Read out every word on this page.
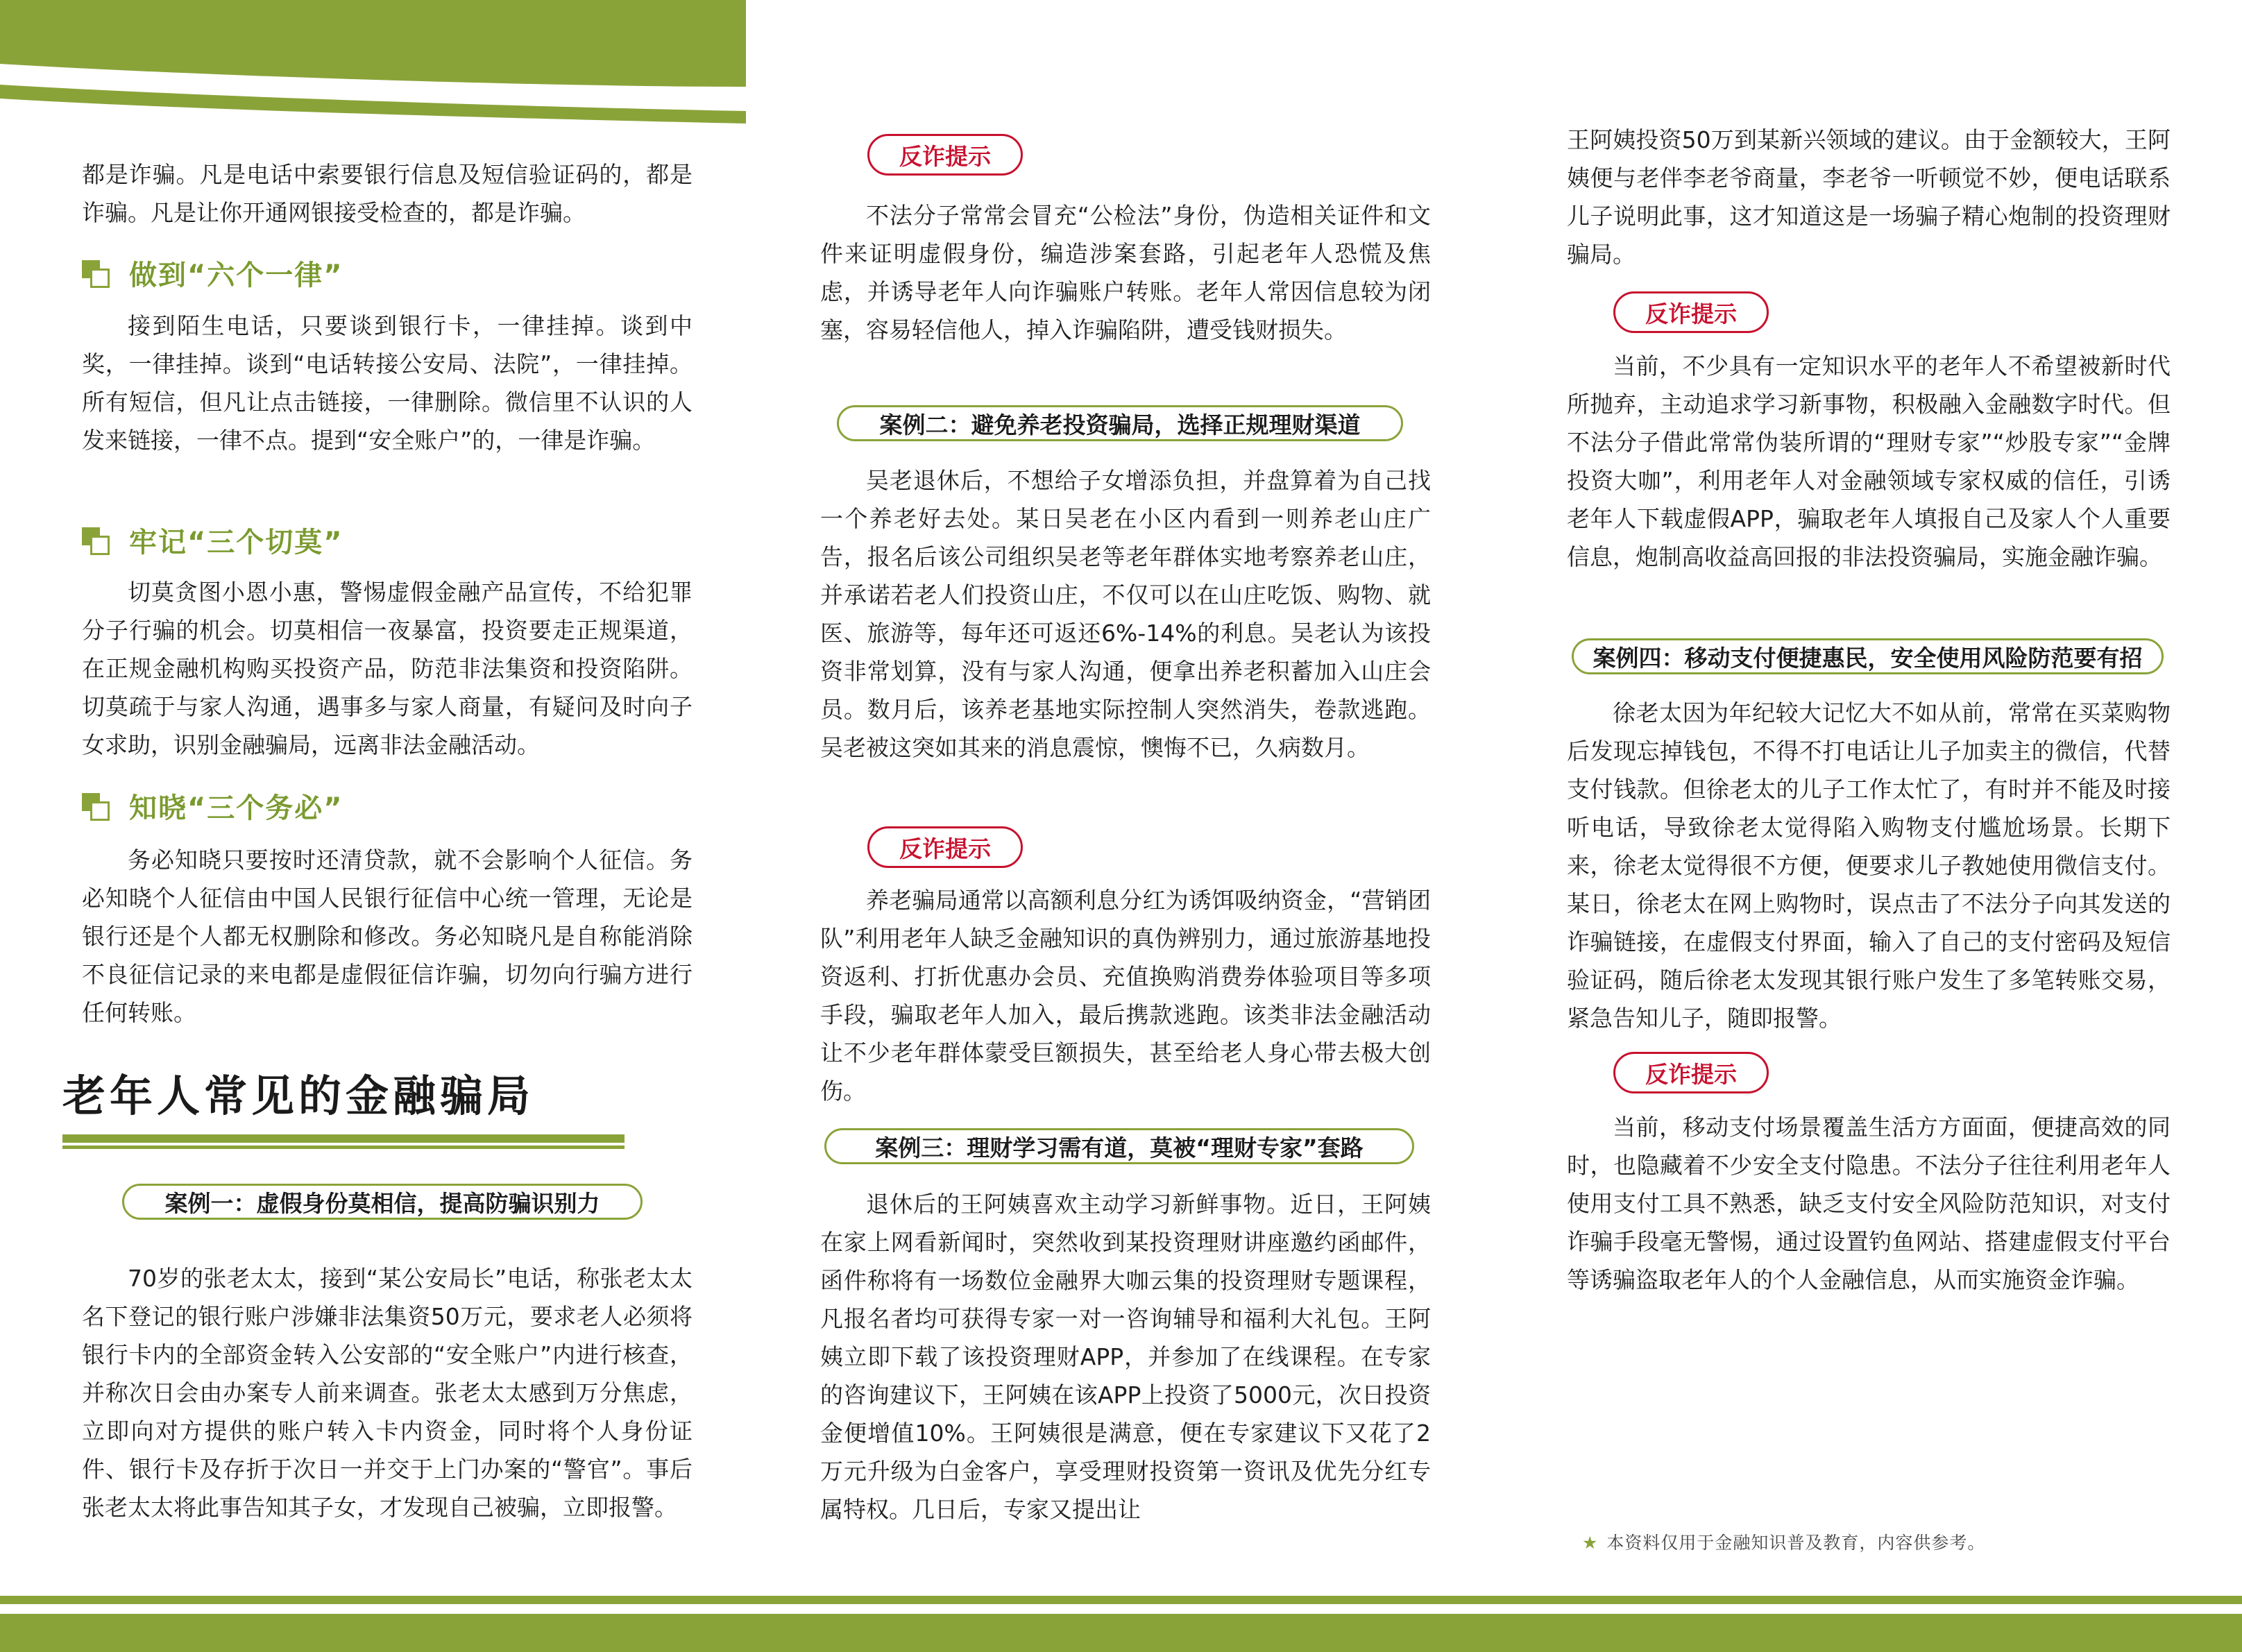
都是诈骗。凡是电话中索要银行信息及短信验证码的，都是诈骗。凡是让你开通网银接受检查的，都是诈骗。

做到“六个一律”

接到陌生电话，只要谈到银行卡，一律挂掉。谈到中奖，一律挂掉。谈到“电话转接公安局、法院”，一律挂掉。所有短信，但凡让点击链接，一律删除。微信里不认识的人发来链接，一律不点。提到“安全账户”的，一律是诈骗。

牢记“三个切莫”

切莫贪图小恩小惠，警惕虚假金融产品宣传，不给犯罪分子行骗的机会。切莫相信一夜暴富，投资要走正规渠道，在正规金融机构购买投资产品，防范非法集资和投资陷阱。切莫疏于与家人沟通，遇事多与家人商量，有疑问及时向子女求助，识别金融骗局，远离非法金融活动。

知晓“三个务必”

务必知晓只要按时还清贷款，就不会影响个人征信。务必知晓个人征信由中国人民银行征信中心统一管理，无论是银行还是个人都无权删除和修改。务必知晓凡是自称能消除不良征信记录的来电都是虚假征信诈骗，切勿向行骗方进行任何转账。

老年人常见的金融骗局
案例一：虚假身份莫相信，提高防骗识别力

70岁的张老太太，接到“某公安局长”电话，称张老太太名下登记的银行账户涉嫌非法集资50万元，要求老人必须将银行卡内的全部资金转入公安部的“安全账户”内进行核查，并称次日会由办案专人前来调查。张老太太感到万分焦虑，立即向对方提供的账户转入卡内资金，同时将个人身份证件、银行卡及存折于次日一并交于上门办案的“警官”。事后张老太太将此事告知其子女，才发现自己被骗，立即报警。

反诈提示

不法分子常常会冒充“公检法”身份，伪造相关证件和文件来证明虚假身份，编造涉案套路，引起老年人恐慌及焦虑，并诱导老年人向诈骗账户转账。老年人常因信息较为闭塞，容易轻信他人，掉入诈骗陷阱，遭受钱财损失。

案例二：避免养老投资骗局，选择正规理财渠道

吴老退休后，不想给子女增添负担，并盘算着为自己找一个养老好去处。某日吴老在小区内看到一则养老山庄广告，报名后该公司组织吴老等老年群体实地考察养老山庄，并承诺若老人们投资山庄，不仅可以在山庄吃饭、购物、就医、旅游等，每年还可返还6%-14%的利息。吴老认为该投资非常划算，没有与家人沟通，便拿出养老积蓄加入山庄会员。数月后，该养老基地实际控制人突然消失，卷款逃跑。吴老被这突如其来的消息震惊，懊悔不已，久病数月。

反诈提示

养老骗局通常以高额利息分红为诱饵吸纳资金，“营销团队”利用老年人缺乏金融知识的真伪辨别力，通过旅游基地投资返利、打折优惠办会员、充值换购消费券体验项目等多项手段，骗取老年人加入，最后携款逃跑。该类非法金融活动让不少老年群体蒙受巨额损失，甚至给老人身心带去极大创伤。

案例三：理财学习需有道，莫被“理财专家”套路

退休后的王阿姨喜欢主动学习新鲜事物。近日，王阿姨在家上网看新闻时，突然收到某投资理财讲座邀约函邮件，函件称将有一场数位金融界大咖云集的投资理财专题课程，凡报名者均可获得专家一对一咨询辅导和福利大礼包。王阿姨立即下载了该投资理财APP，并参加了在线课程。在专家的咨询建议下，王阿姨在该APP上投资了5000元，次日投资金便增值10%。王阿姨很是满意，便在专家建议下又花了2万元升级为白金客户，享受理财投资第一资讯及优先分红专属特权。几日后，专家又提出让

王阿姨投资50万到某新兴领域的建议。由于金额较大，王阿姨便与老伴李老爷商量，李老爷一听顿觉不妙，便电话联系儿子说明此事，这才知道这是一场骗子精心炮制的投资理财骗局。

反诈提示

当前，不少具有一定知识水平的老年人不希望被新时代所抛弃，主动追求学习新事物，积极融入金融数字时代。但不法分子借此常常伪装所谓的“理财专家”“炒股专家”“金牌投资大咖”，利用老年人对金融领域专家权威的信任，引诱老年人下载虚假APP，骗取老年人填报自己及家人个人重要信息，炮制高收益高回报的非法投资骗局，实施金融诈骗。

案例四：移动支付便捷惠民，安全使用风险防范要有招

徐老太因为年纪较大记忆大不如从前，常常在买菜购物后发现忘掉钱包，不得不打电话让儿子加卖主的微信，代替支付钱款。但徐老太的儿子工作太忙了，有时并不能及时接听电话，导致徐老太觉得陷入购物支付尴尬场景。长期下来，徐老太觉得很不方便，便要求儿子教她使用微信支付。某日，徐老太在网上购物时，误点击了不法分子向其发送的诈骗链接，在虚假支付界面，输入了自己的支付密码及短信验证码，随后徐老太发现其银行账户发生了多笔转账交易，紧急告知儿子，随即报警。

反诈提示

当前，移动支付场景覆盖生活方方面面，便捷高效的同时，也隐藏着不少安全支付隐患。不法分子往往利用老年人使用支付工具不熟悉，缺乏支付安全风险防范知识，对支付诈骗手段毫无警惕，通过设置钓鱼网站、搭建虚假支付平台等诱骗盗取老年人的个人金融信息，从而实施资金诈骗。

★ 本资料仅用于金融知识普及教育，内容供参考。
